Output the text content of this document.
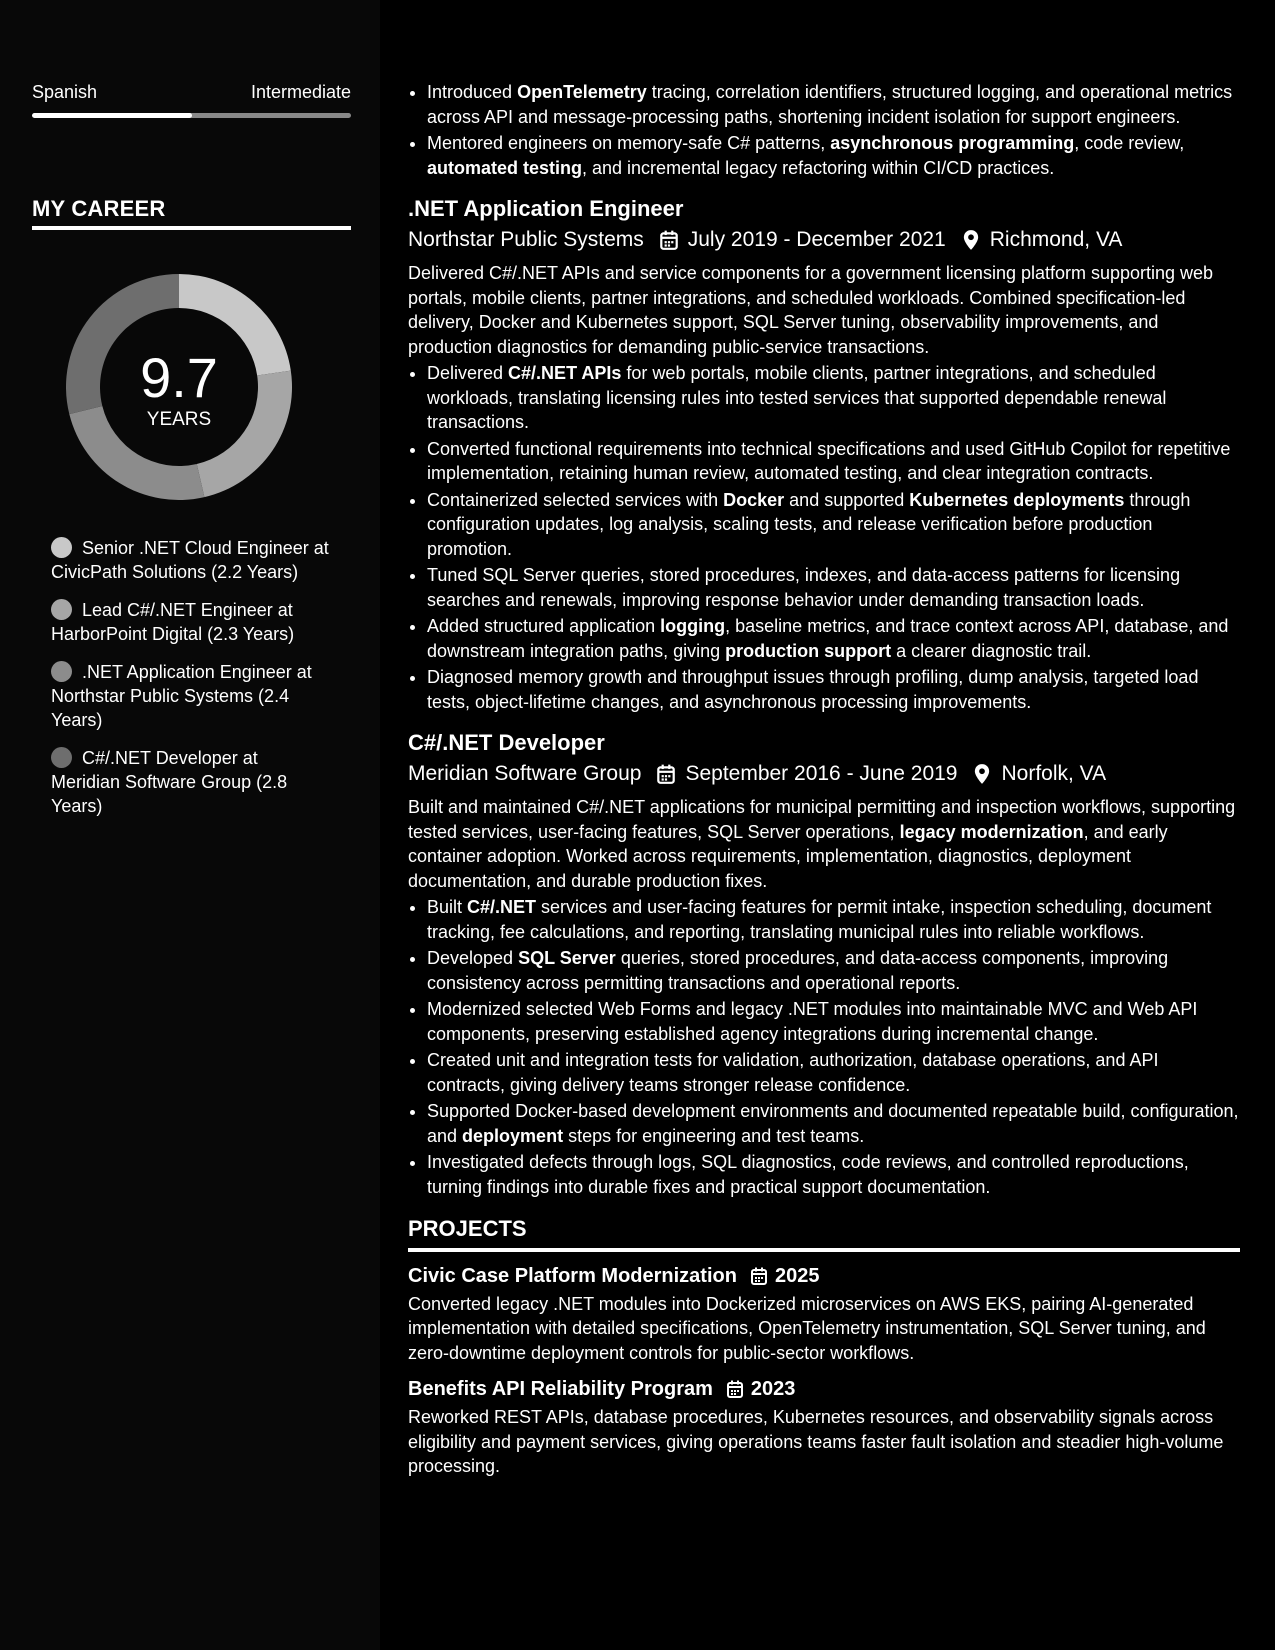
Spanish	Intermediate
MY CAREER
9.7
YEARS
Senior .NET Cloud Engineer at CivicPath Solutions (2.2 Years)
Lead C#/.NET Engineer at HarborPoint Digital (2.3 Years)
.NET Application Engineer at Northstar Public Systems (2.4 Years)
C#/.NET Developer at Meridian Software Group (2.8 Years)
• Introduced OpenTelemetry tracing, correlation identifiers, structured logging, and operational metrics across API and message-processing paths, shortening incident isolation for support engineers.
• Mentored engineers on memory-safe C# patterns, asynchronous programming, code review, automated testing, and incremental legacy refactoring within CI/CD practices.
.NET Application Engineer
Northstar Public Systems July 2019 - December 2021 Richmond, VA
Delivered C#/.NET APIs and service components for a government licensing platform supporting web portals, mobile clients, partner integrations, and scheduled workloads. Combined specification-led delivery, Docker and Kubernetes support, SQL Server tuning, observability improvements, and production diagnostics for demanding public-service transactions.
• Delivered C#/.NET APIs for web portals, mobile clients, partner integrations, and scheduled workloads, translating licensing rules into tested services that supported dependable renewal transactions.
• Converted functional requirements into technical specifications and used GitHub Copilot for repetitive implementation, retaining human review, automated testing, and clear integration contracts.
• Containerized selected services with Docker and supported Kubernetes deployments through configuration updates, log analysis, scaling tests, and release verification before production promotion.
• Tuned SQL Server queries, stored procedures, indexes, and data-access patterns for licensing searches and renewals, improving response behavior under demanding transaction loads.
• Added structured application logging, baseline metrics, and trace context across API, database, and downstream integration paths, giving production support a clearer diagnostic trail.
• Diagnosed memory growth and throughput issues through profiling, dump analysis, targeted load tests, object-lifetime changes, and asynchronous processing improvements.
C#/.NET Developer
Meridian Software Group September 2016 - June 2019 Norfolk, VA
Built and maintained C#/.NET applications for municipal permitting and inspection workflows, supporting tested services, user-facing features, SQL Server operations, legacy modernization, and early container adoption. Worked across requirements, implementation, diagnostics, deployment documentation, and durable production fixes.
• Built C#/.NET services and user-facing features for permit intake, inspection scheduling, document tracking, fee calculations, and reporting, translating municipal rules into reliable workflows.
• Developed SQL Server queries, stored procedures, and data-access components, improving consistency across permitting transactions and operational reports.
• Modernized selected Web Forms and legacy .NET modules into maintainable MVC and Web API components, preserving established agency integrations during incremental change.
• Created unit and integration tests for validation, authorization, database operations, and API contracts, giving delivery teams stronger release confidence.
• Supported Docker-based development environments and documented repeatable build, configuration, and deployment steps for engineering and test teams.
• Investigated defects through logs, SQL diagnostics, code reviews, and controlled reproductions, turning findings into durable fixes and practical support documentation.
PROJECTS
Civic Case Platform Modernization 2025
Converted legacy .NET modules into Dockerized microservices on AWS EKS, pairing AI-generated implementation with detailed specifications, OpenTelemetry instrumentation, SQL Server tuning, and zero-downtime deployment controls for public-sector workflows.
Benefits API Reliability Program 2023
Reworked REST APIs, database procedures, Kubernetes resources, and observability signals across eligibility and payment services, giving operations teams faster fault isolation and steadier high-volume processing.
